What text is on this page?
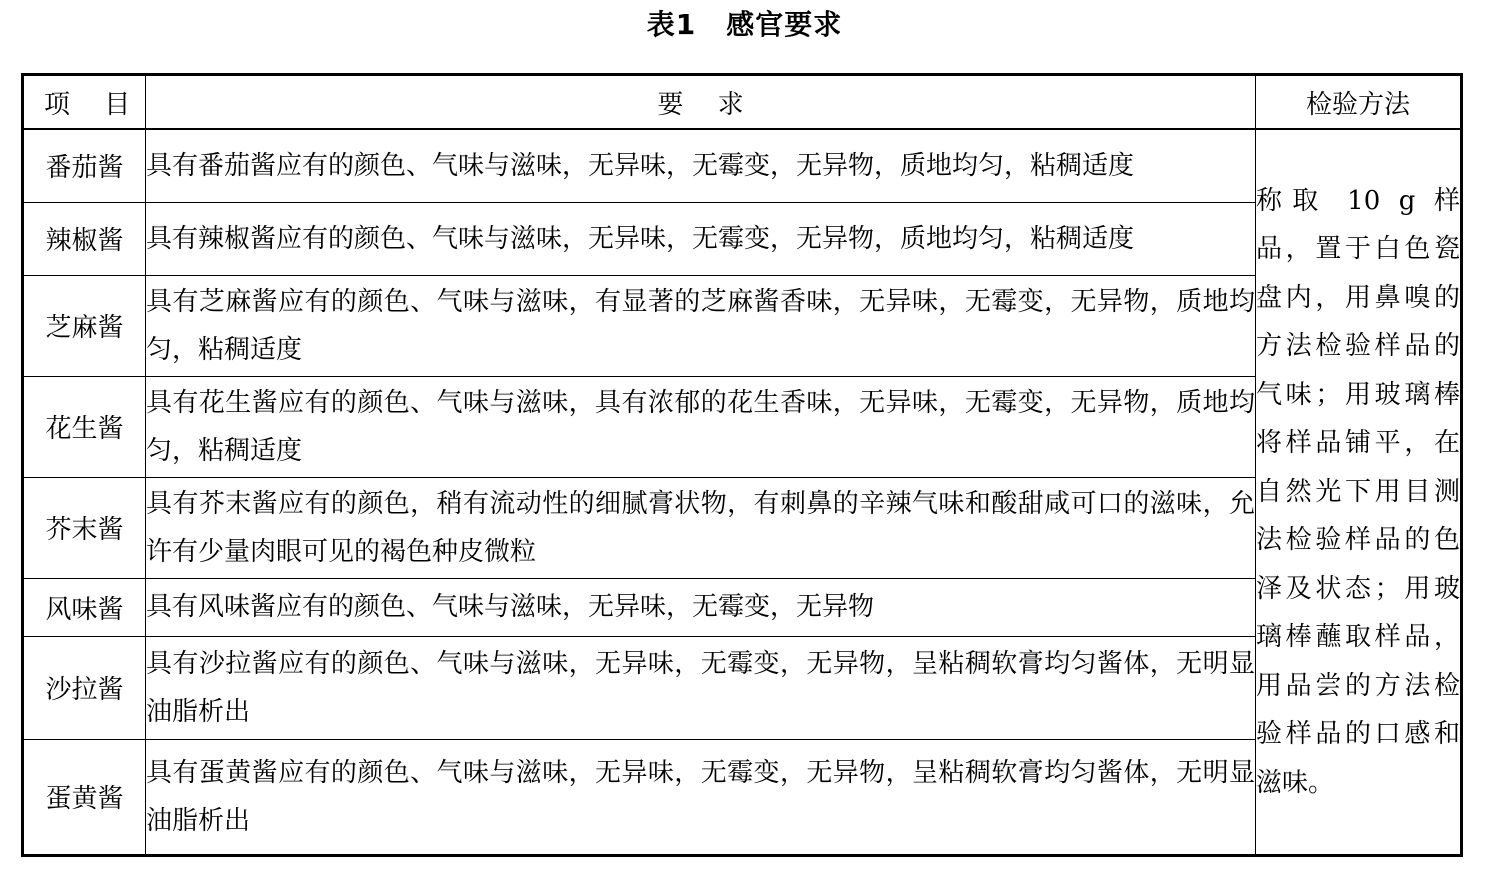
表1 感官要求
项　 目	要　 求	检验方法
番茄酱	具有番茄酱应有的颜色、气味与滋味，无异味，无霉变，无异物，质地均匀，粘稠适度	称取 10 g 样品，置于白色瓷盘内，用鼻嗅的方法检验样品的气味；用玻璃棒将样品铺平，在自然光下用目测法检验样品的色泽及状态；用玻璃棒蘸取样品，用品尝的方法检验样品的口感和滋味。
辣椒酱	具有辣椒酱应有的颜色、气味与滋味，无异味，无霉变，无异物，质地均匀，粘稠适度	
芝麻酱	具有芝麻酱应有的颜色、气味与滋味，有显著的芝麻酱香味，无异味，无霉变，无异物，质地均匀，粘稠适度	
花生酱	具有花生酱应有的颜色、气味与滋味，具有浓郁的花生香味，无异味，无霉变，无异物，质地均匀，粘稠适度	
芥末酱	具有芥末酱应有的颜色，稍有流动性的细腻膏状物，有刺鼻的辛辣气味和酸甜咸可口的滋味，允许有少量肉眼可见的褐色种皮微粒	
风味酱	具有风味酱应有的颜色、气味与滋味，无异味，无霉变，无异物	
沙拉酱	具有沙拉酱应有的颜色、气味与滋味，无异味，无霉变，无异物，呈粘稠软膏均匀酱体，无明显油脂析出	
蛋黄酱	具有蛋黄酱应有的颜色、气味与滋味，无异味，无霉变，无异物，呈粘稠软膏均匀酱体，无明显油脂析出	
